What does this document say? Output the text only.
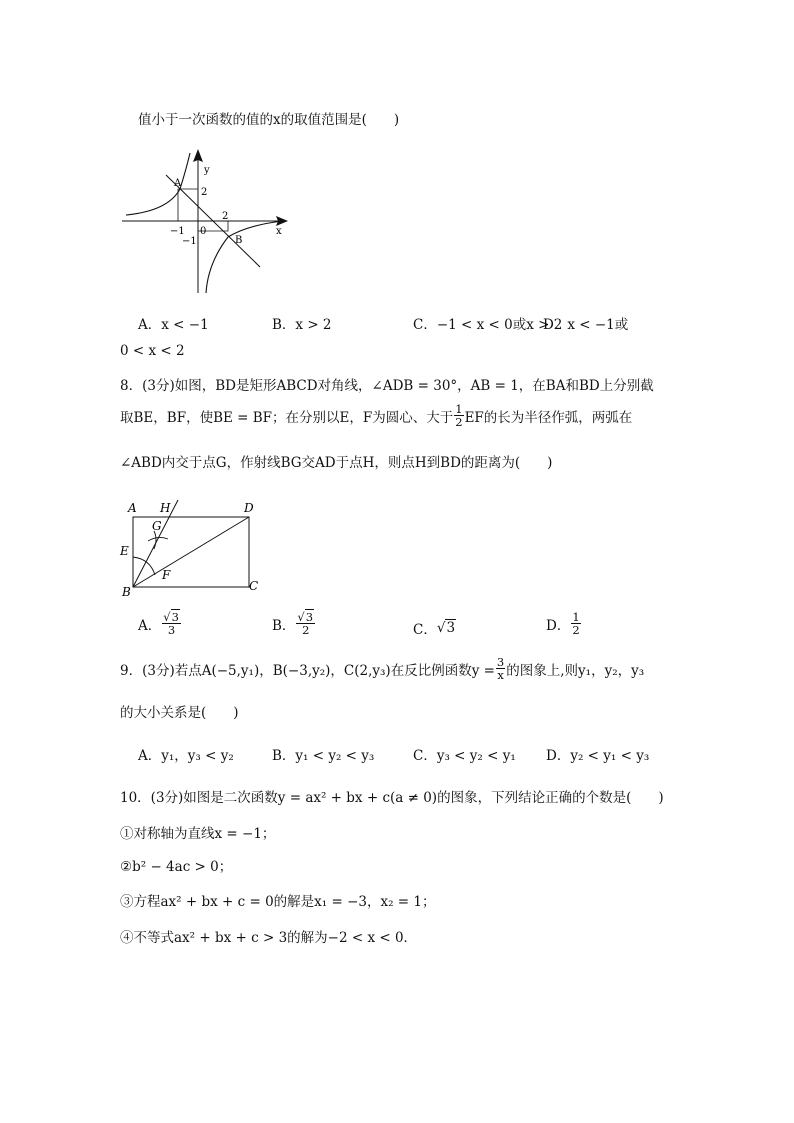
值小于一次函数的值的x的取值范围是(　　)
y
x
A
B
0
2
−1
2
−1
A．x < −1	B．x > 2	C．−1 < x < 0或x > 2
D．x < −1或
0 < x < 2
8．(3分)如图，BD是矩形ABCD对角线，∠ADB = 30°，AB = 1，在BA和BD上分别截
取BE，BF，使BE = BF；在分别以E，F为圆心、大于 $\frac{1}{2}$ EF的长为半径作弧，两弧在
∠ABD内交于点G，作射线BG交AD于点H，则点H到BD的距离为(　　)
A H	D
G
E
F
B	C
A． $\frac{√3}{3}$	B． $\frac{√3}{2}$	C． √3	D． $\frac{1}{2}$
9．(3分)若点A(−5,y₁)，B(−3,y₂)，C(2,y₃)在反比例函数$y = \frac{3}{x}$ 的图象上,则y₁，y₂，y₃
的大小关系是(　　)
A．y₁，y₃ < y₂	B．y₁ < y₂ < y₃	C．y₃ < y₂ < y₁ D．y₂ < y₁ < y₃
10．(3分)如图是二次函数y = ax² + bx + c(a ≠ 0)的图象，下列结论正确的个数是(　　)
①对称轴为直线x = −1；
②b² − 4ac > 0；
③方程ax² + bx + c = 0的解是x₁ = −3，x₂ = 1；
④不等式ax² + bx + c > 3的解为−2 < x < 0．
